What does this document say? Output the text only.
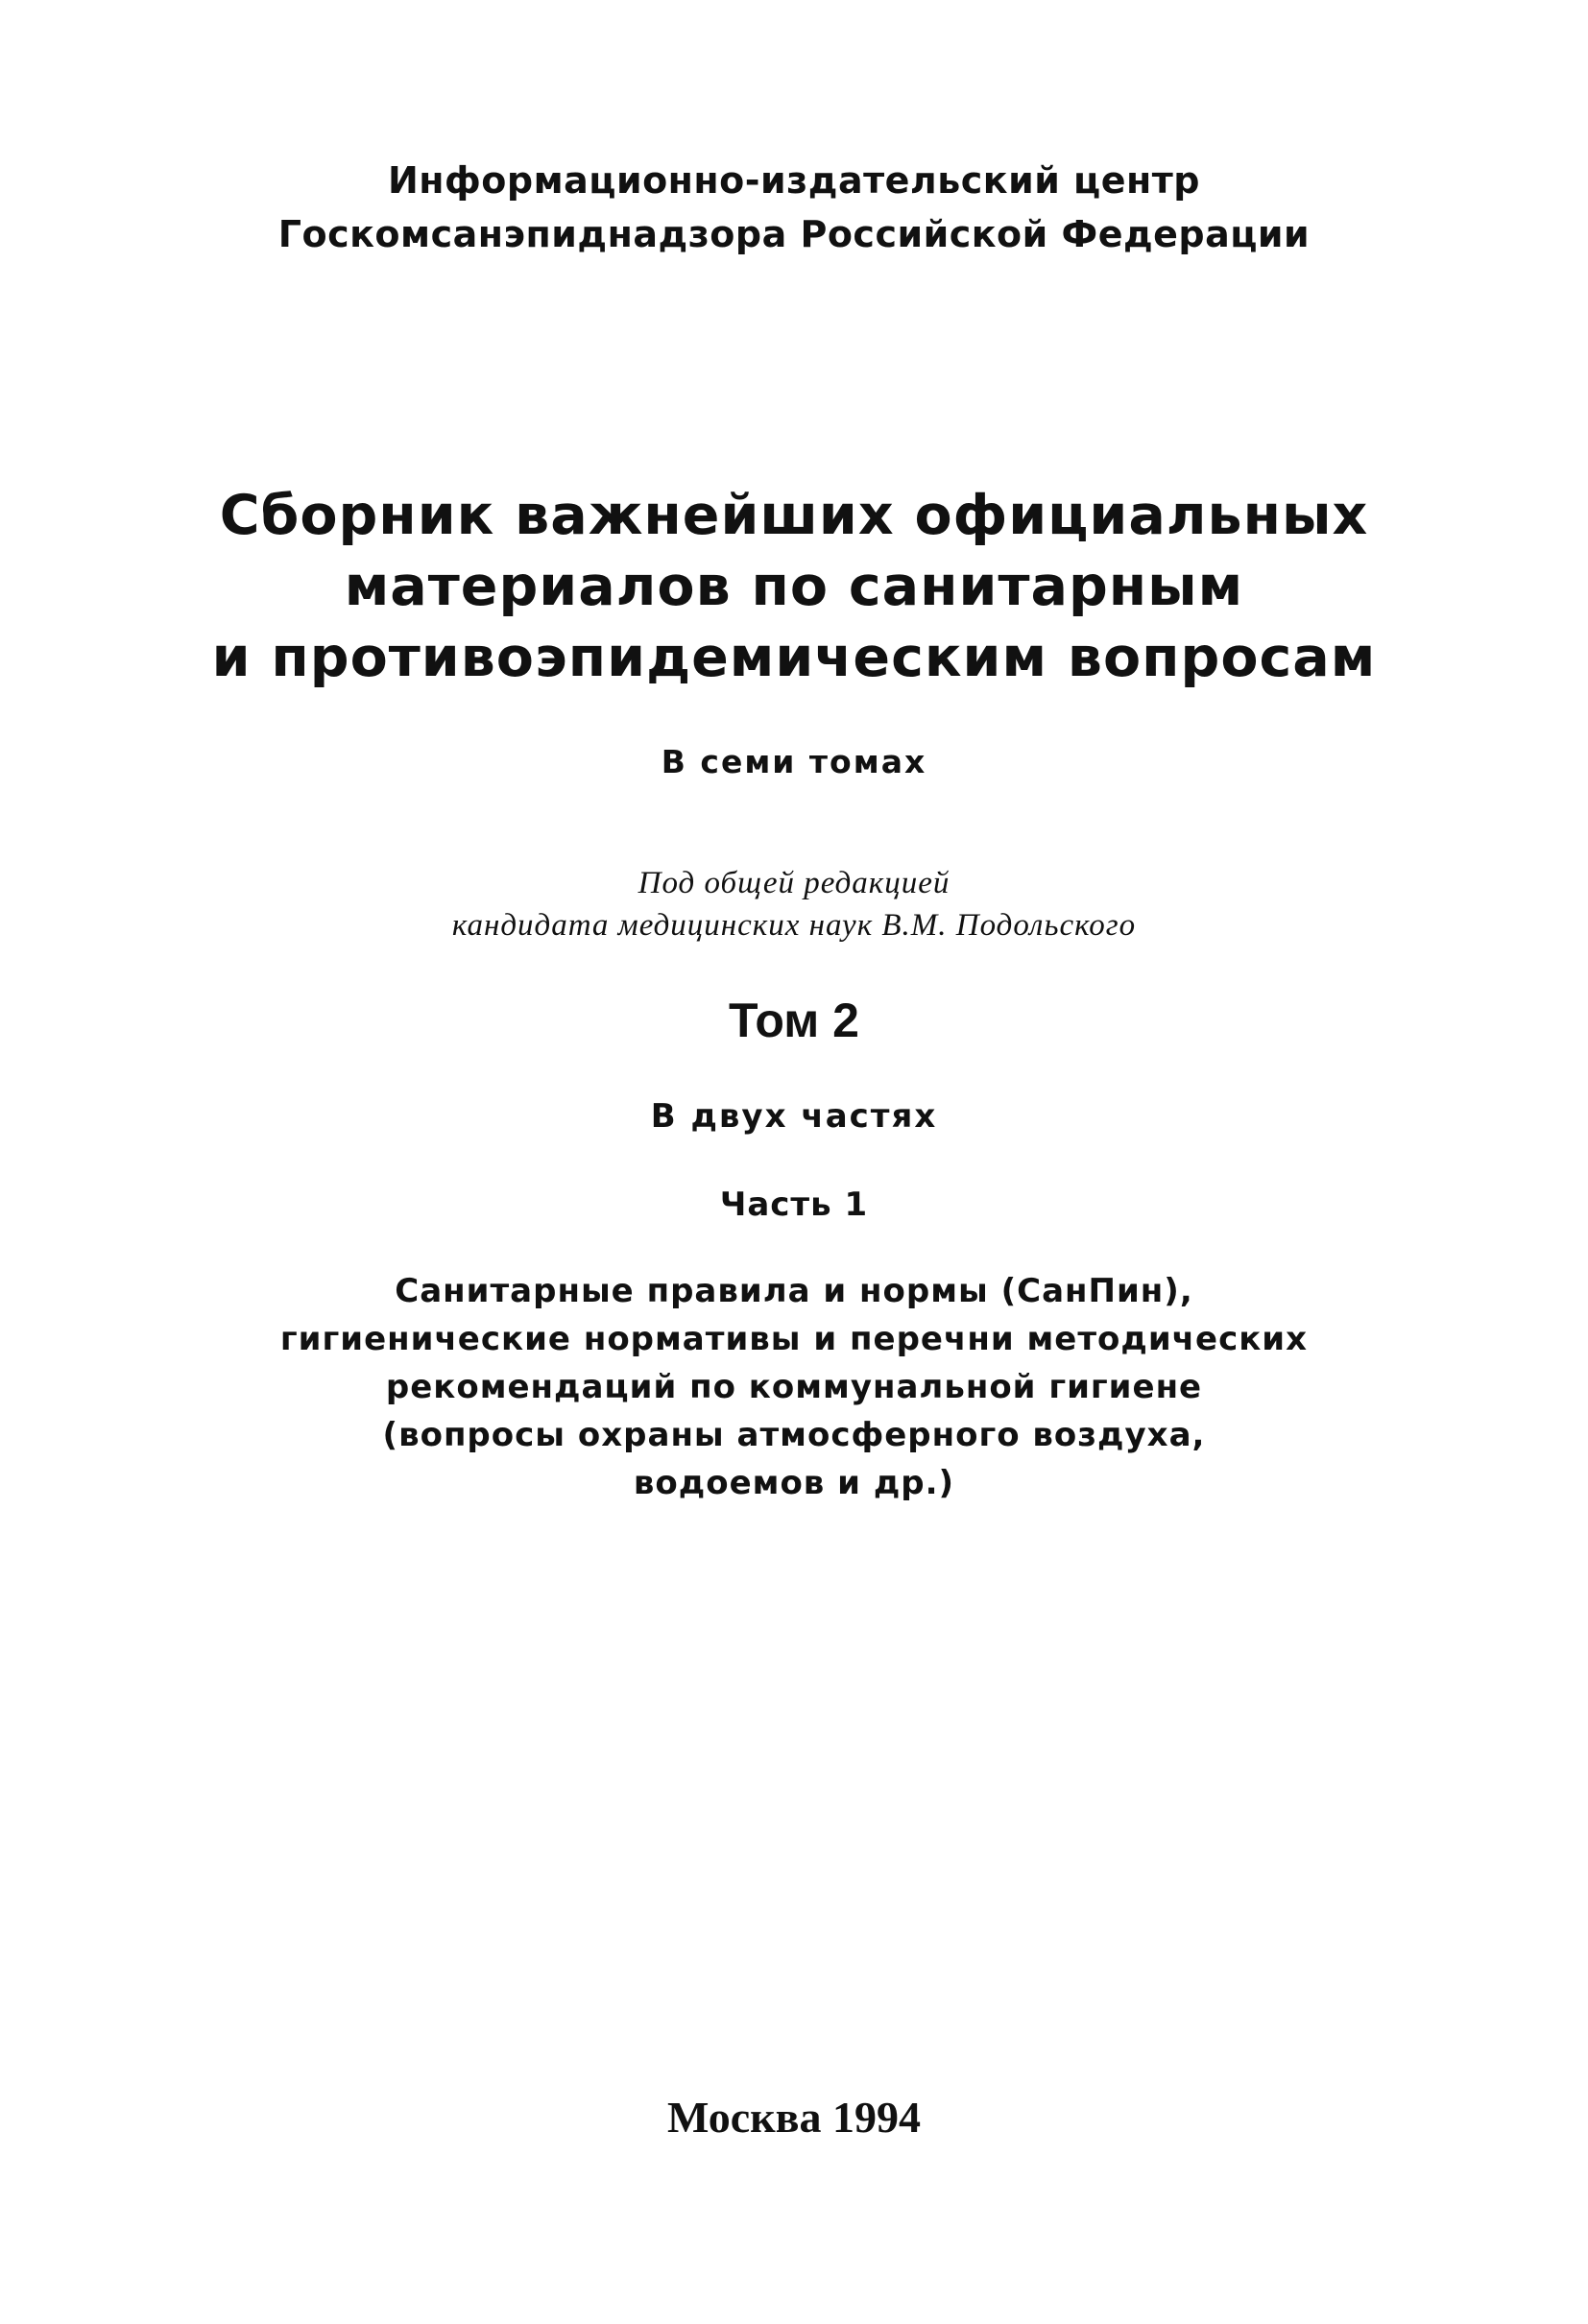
Информационно-издательский центр
Госкомсанэпиднадзора Российской Федерации
Сборник важнейших официальных
материалов по санитарным
и противоэпидемическим вопросам
В семи томах
Под общей редакцией
кандидата медицинских наук В.М. Подольского
Том 2
В двух частях
Часть 1
Санитарные правила и нормы (СанПин),
гигиенические нормативы и перечни методических
рекомендаций по коммунальной гигиене
(вопросы охраны атмосферного воздуха,
водоемов и др.)
Москва 1994
